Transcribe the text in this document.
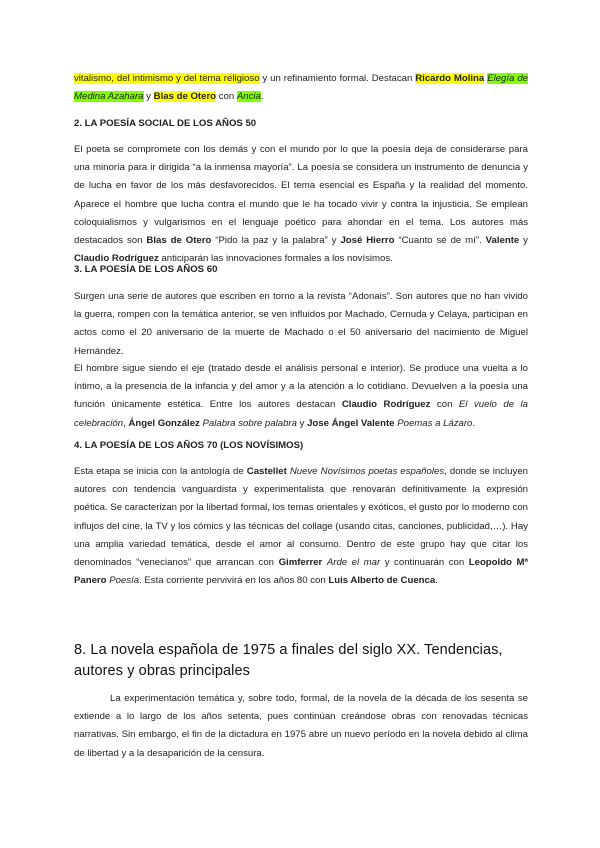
vitalismo, del intimismo y del tema religioso y un refinamiento formal. Destacan Ricardo Molina Elegía de Medina Azahara y Blas de Otero con Ancia.

2. LA POESÍA SOCIAL DE LOS AÑOS 50

El poeta se compromete con los demás y con el mundo por lo que la poesía deja de considerarse para una minoría para ir dirigida “a la inmensa mayoría”. La poesía se considera un instrumento de denuncia y de lucha en favor de los más desfavorecidos. El tema esencial es España y la realidad del momento. Aparece el hombre que lucha contra el mundo que le ha tocado vivir y contra la injusticia. Se emplean coloquialismos y vulgarismos en el lenguaje poético para ahondar en el tema. Los autores más destacados son Blas de Otero “Pido la paz y la palabra” y José Hierro “Cuanto sé de mí”. Valente y Claudio Rodríguez anticiparán las innovaciones formales a los novísimos.

3. LA POESÍA DE LOS AÑOS 60

Surgen una serie de autores que escriben en torno a la revista “Adonais”. Son autores que no han vivido la guerra, rompen con la temática anterior, se ven influidos por Machado, Cernuda y Celaya, participan en actos como el 20 aniversario de la muerte de Machado o el 50 aniversario del nacimiento de Miguel Hernández.

El hombre sigue siendo el eje (tratado desde el análisis personal e interior). Se produce una vuelta a lo íntimo, a la presencia de la infancia y del amor y a la atención a lo cotidiano. Devuelven a la poesía una función únicamente estética. Entre los autores destacan Claudio Rodríguez con El vuelo de la celebración, Ángel González Palabra sobre palabra y Jose Ángel Valente Poemas a Lázaro.

4. LA POESÍA DE LOS AÑOS 70 (LOS NOVÍSIMOS)

Esta etapa se inicia con la antología de Castellet Nueve Novísimos poetas españoles, donde se incluyen autores con tendencia vanguardista y experimentalista que renovarán definitivamente la expresión poética. Se caracterizan por la libertad formal, los temas orientales y exóticos, el gusto por lo moderno con influjos del cine, la TV y los cómics y las técnicas del collage (usando citas, canciones, publicidad,…). Hay una amplia variedad temática, desde el amor al consumo. Dentro de este grupo hay que citar los denominados “venecianos” que arrancan con Gimferrer Arde el mar y continuarán con Leopoldo Mª Panero Poesía. Esta corriente pervivirá en los años 80 con Luis Alberto de Cuenca.

8. La novela española de 1975 a finales del siglo XX. Tendencias, autores y obras principales

La experimentación temática y, sobre todo, formal, de la novela de la década de los sesenta se extiende a lo largo de los años setenta, pues continúan creándose obras con renovadas técnicas narrativas. Sin embargo, el fin de la dictadura en 1975 abre un nuevo período en la novela debido al clima de libertad y a la desaparición de la censura.
